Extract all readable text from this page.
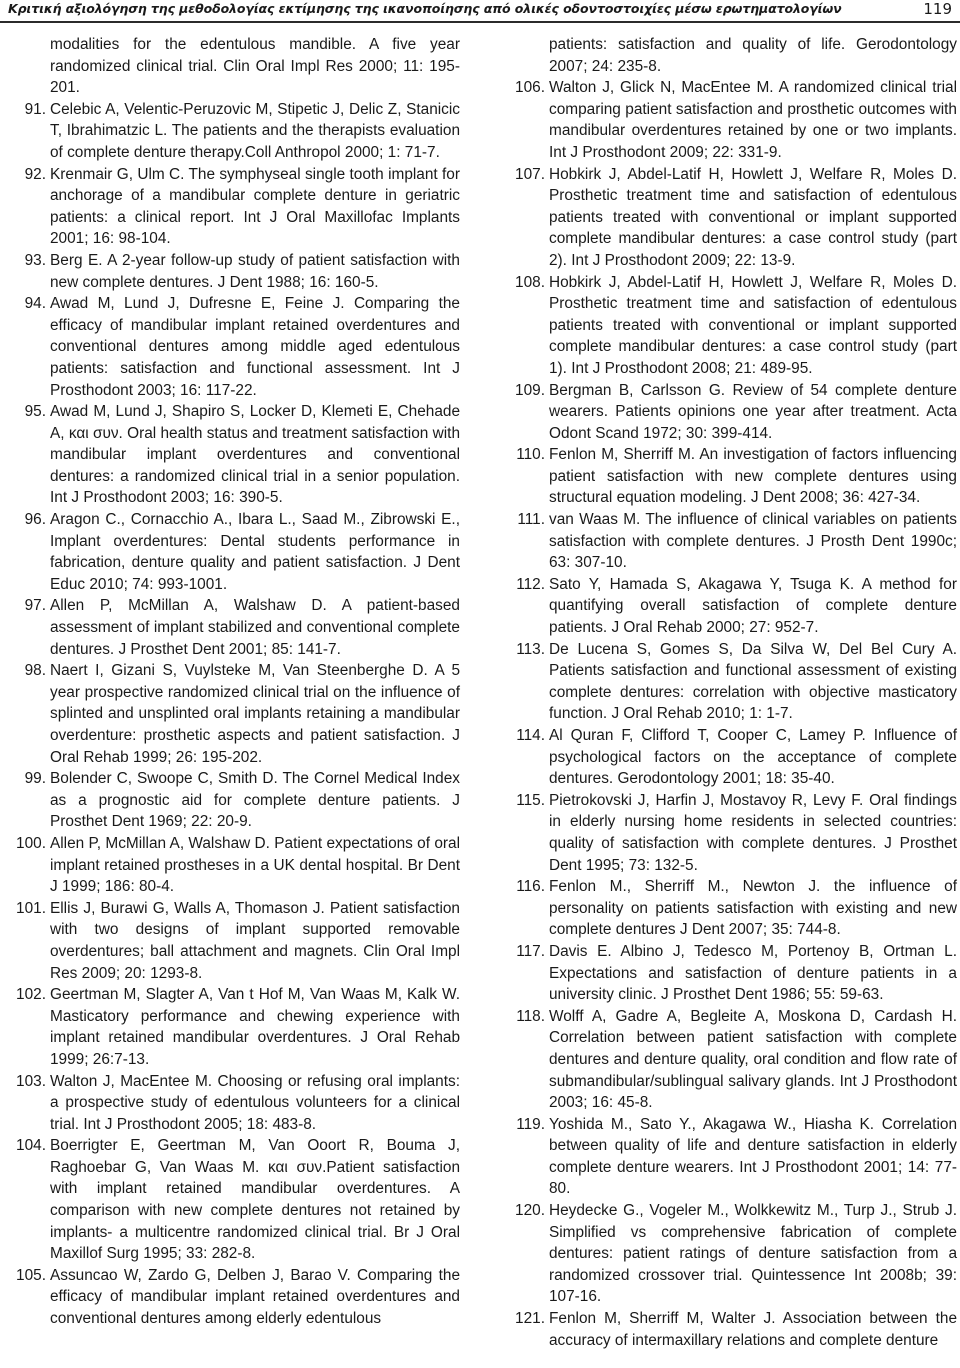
Κριτική αξιολόγηση της μεθοδολογίας εκτίμησης της ικανοποίησης από ολικές οδοντοστοιχίες μέσω ερωτηματολογίων	119
modalities for the edentulous mandible. A five year randomized clinical trial. Clin Oral Impl Res 2000; 11: 195-201.
91. Celebic A, Velentic-Peruzovic M, Stipetic J, Delic Z, Stanicic T, Ibrahimatzic L. The patients and the therapists evaluation of complete denture therapy.Coll Anthropol 2000; 1: 71-7.
92. Krenmair G, Ulm C. The symphyseal single tooth implant for anchorage of a mandibular complete denture in geriatric patients: a clinical report. Int J Oral Maxillofac Implants 2001; 16: 98-104.
93. Berg E. A 2-year follow-up study of patient satisfaction with new complete dentures. J Dent 1988; 16: 160-5.
94. Awad M, Lund J, Dufresne E, Feine J. Comparing the efficacy of mandibular implant retained overdentures and conventional dentures among middle aged edentulous patients: satisfaction and functional assessment. Int J Prosthodont 2003; 16: 117-22.
95. Awad M, Lund J, Shapiro S, Locker D, Klemeti E, Chehade A, και συν. Oral health status and treatment satisfaction with mandibular implant overdentures and conventional dentures: a randomized clinical trial in a senior population. Int J Prosthodont 2003; 16: 390-5.
96. Aragon C., Cornacchio A., Ibara L., Saad M., Zibrowski E., Implant overdentures: Dental students performance in fabrication, denture quality and patient satisfaction. J Dent Educ 2010; 74: 993-1001.
97. Allen P, McMillan A, Walshaw D. A patient-based assessment of implant stabilized and conventional complete dentures. J Prosthet Dent 2001; 85: 141-7.
98. Naert I, Gizani S, Vuylsteke M, Van Steenberghe D. A 5 year prospective randomized clinical trial on the influence of splinted and unsplinted oral implants retaining a mandibular overdenture: prosthetic aspects and patient satisfaction. J Oral Rehab 1999; 26: 195-202.
99. Bolender C, Swoope C, Smith D. The Cornel Medical Index as a prognostic aid for complete denture patients. J Prosthet Dent 1969; 22: 20-9.
100. Allen P, McMillan A, Walshaw D. Patient expectations of oral implant retained prostheses in a UK dental hospital. Br Dent J 1999; 186: 80-4.
101. Ellis J, Burawi G, Walls A, Thomason J. Patient satisfaction with two designs of implant supported removable overdentures; ball attachment and magnets. Clin Oral Impl Res 2009; 20: 1293-8.
102. Geertman M, Slagter A, Van t Hof M, Van Waas M, Kalk W. Masticatory performance and chewing experience with implant retained mandibular overdentures. J Oral Rehab 1999; 26:7-13.
103. Walton J, MacEntee M. Choosing or refusing oral implants: a prospective study of edentulous volunteers for a clinical trial. Int J Prosthodont 2005; 18: 483-8.
104. Boerrigter E, Geertman M, Van Ooort R, Bouma J, Raghoebar G, Van Waas M. και συν.Patient satisfaction with implant retained mandibular overdentures. A comparison with new complete dentures not retained by implants- a multicentre randomized clinical trial. Br J Oral Maxillof Surg 1995; 33: 282-8.
105. Assuncao W, Zardo G, Delben J, Barao V. Comparing the efficacy of mandibular implant retained overdentures and conventional dentures among elderly edentulous
patients: satisfaction and quality of life. Gerodontology 2007; 24: 235-8.
106. Walton J, Glick N, MacEntee M. A randomized clinical trial comparing patient satisfaction and prosthetic outcomes with mandibular overdentures retained by one or two implants. Int J Prosthodont 2009; 22: 331-9.
107. Hobkirk J, Abdel-Latif H, Howlett J, Welfare R, Moles D. Prosthetic treatment time and satisfaction of edentulous patients treated with conventional or implant supported complete mandibular dentures: a case control study (part 2). Int J Prosthodont 2009; 22: 13-9.
108. Hobkirk J, Abdel-Latif H, Howlett J, Welfare R, Moles D. Prosthetic treatment time and satisfaction of edentulous patients treated with conventional or implant supported complete mandibular dentures: a case control study (part 1). Int J Prosthodont 2008; 21: 489-95.
109. Bergman B, Carlsson G. Review of 54 complete denture wearers. Patients opinions one year after treatment. Acta Odont Scand 1972; 30: 399-414.
110. Fenlon M, Sherriff M. An investigation of factors influencing patient satisfaction with new complete dentures using structural equation modeling. J Dent 2008; 36: 427-34.
111. van Waas M. The influence of clinical variables on patients satisfaction with complete dentures. J Prosth Dent 1990c; 63: 307-10.
112. Sato Y, Hamada S, Akagawa Y, Tsuga K. A method for quantifying overall satisfaction of complete denture patients. J Oral Rehab 2000; 27: 952-7.
113. De Lucena S, Gomes S, Da Silva W, Del Bel Cury A. Patients satisfaction and functional assessment of existing complete dentures: correlation with objective masticatory function. J Oral Rehab 2010; 1: 1-7.
114. Al Quran F, Clifford T, Cooper C, Lamey P. Influence of psychological factors on the acceptance of complete dentures. Gerodontology 2001; 18: 35-40.
115. Pietrokovski J, Harfin J, Mostavoy R, Levy F. Oral findings in elderly nursing home residents in selected countries: quality of satisfaction with complete dentures. J Prosthet Dent 1995; 73: 132-5.
116. Fenlon M., Sherriff M., Newton J. the influence of personality on patients satisfaction with existing and new complete dentures J Dent 2007; 35: 744-8.
117. Davis E. Albino J, Tedesco M, Portenoy B, Ortman L. Expectations and satisfaction of denture patients in a university clinic. J Prosthet Dent 1986; 55: 59-63.
118. Wolff A, Gadre A, Begleite A, Moskona D, Cardash H. Correlation between patient satisfaction with complete dentures and denture quality, oral condition and flow rate of submandibular/sublingual salivary glands. Int J Prosthodont 2003; 16: 45-8.
119. Yoshida M., Sato Y., Akagawa W., Hiasha K. Correlation between quality of life and denture satisfaction in elderly complete denture wearers. Int J Prosthodont 2001; 14: 77-80.
120. Heydecke G., Vogeler M., Wolkkewitz M., Turp J., Strub J. Simplified vs comprehensive fabrication of complete dentures: patient ratings of denture satisfaction from a randomized crossover trial. Quintessence Int 2008b; 39: 107-16.
121. Fenlon M, Sherriff M, Walter J. Association between the accuracy of intermaxillary relations and complete denture
